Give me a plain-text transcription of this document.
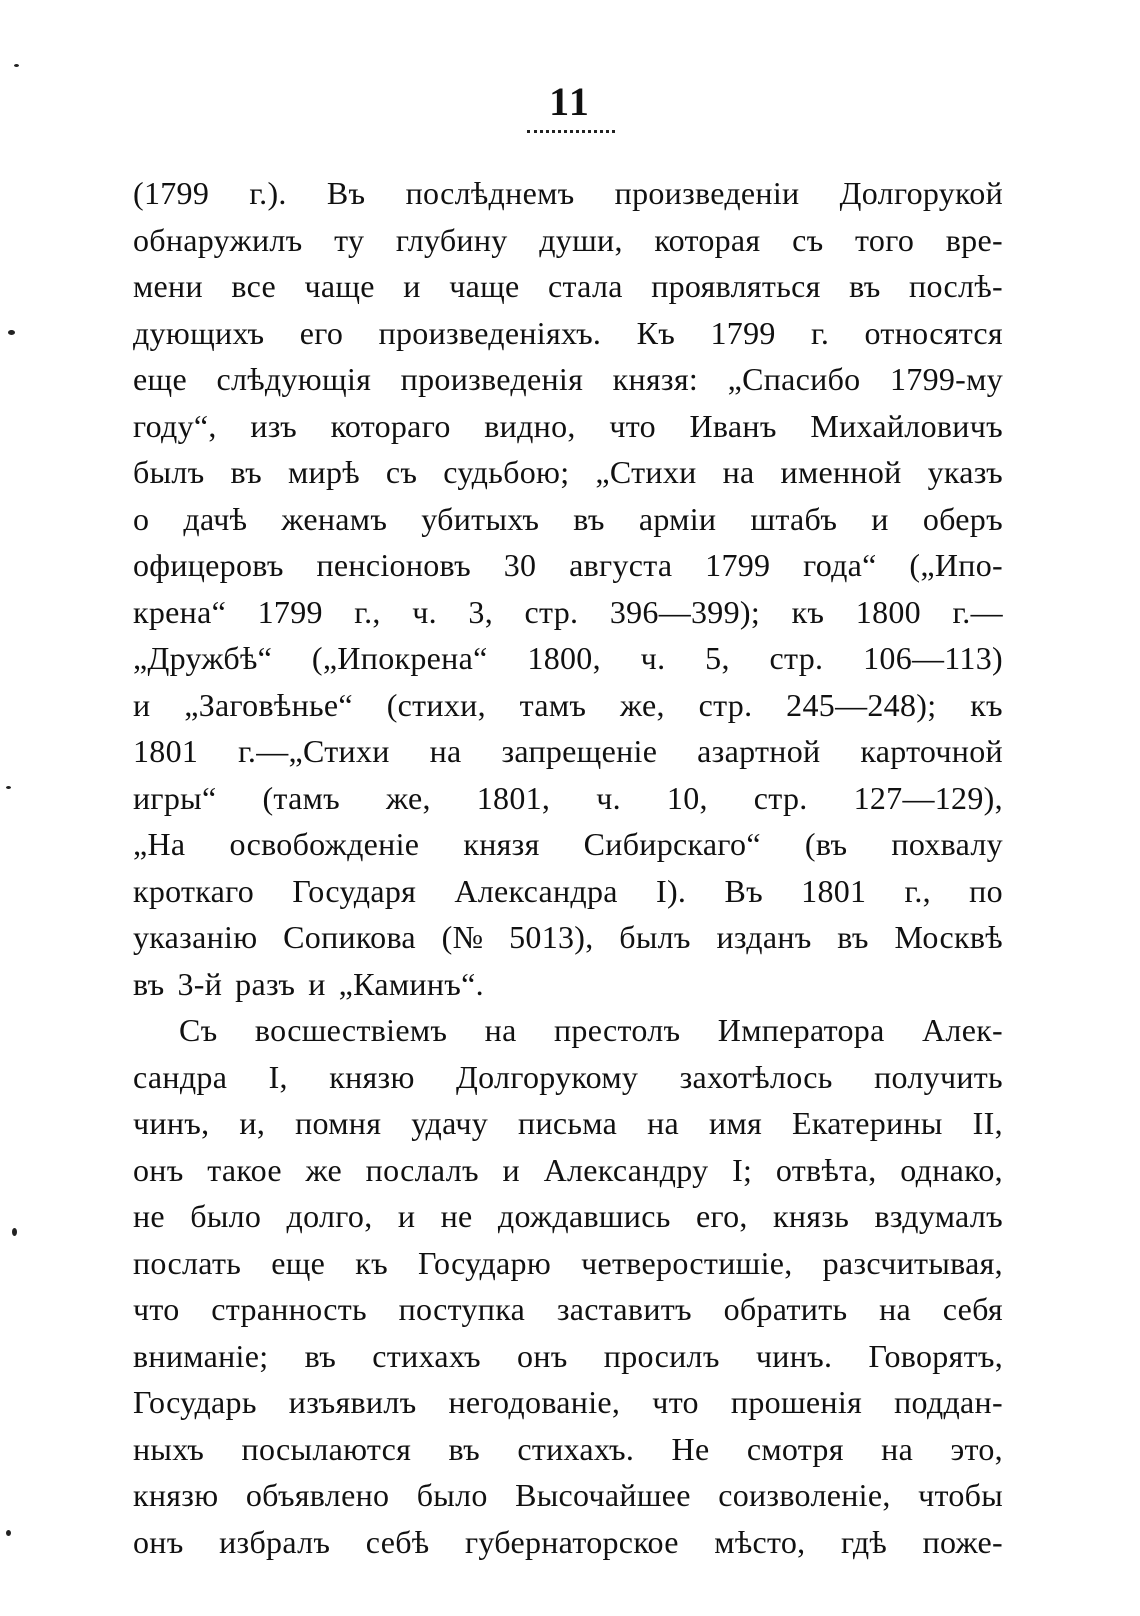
11
(1799 г.). Въ послѣднемъ произведеніи Долгорукой
обнаружилъ ту глубину души, которая съ того вре-
мени все чаще и чаще стала проявляться въ послѣ-
дующихъ его произведеніяхъ. Къ 1799 г. относятся
еще слѣдующія произведенія князя: „Спасибо 1799-му
году“, изъ котораго видно, что Иванъ Михайловичъ
былъ въ мирѣ съ судьбою; „Стихи на именной указъ
о дачѣ женамъ убитыхъ въ арміи штабъ и оберъ
офицеровъ пенсіоновъ 30 августа 1799 года“ („Ипо-
крена“ 1799 г., ч. 3, стр. 396—399); къ 1800 г.—
„Дружбѣ“ („Ипокрена“ 1800, ч. 5, стр. 106—113)
и „Заговѣнье“ (стихи, тамъ же, стр. 245—248); къ
1801 г.—„Стихи на запрещеніе азартной карточной
игры“ (тамъ же, 1801, ч. 10, стр. 127—129),
„На освобожденіе князя Сибирскаго“ (въ похвалу
кроткаго Государя Александра I). Въ 1801 г., по
указанію Сопикова (№ 5013), былъ изданъ въ Москвѣ
въ 3-й разъ и „Каминъ“.
Съ восшествіемъ на престолъ Императора Алек-
сандра I, князю Долгорукому захотѣлось получить
чинъ, и, помня удачу письма на имя Екатерины II,
онъ такое же послалъ и Александру I; отвѣта, однако,
не было долго, и не дождавшись его, князь вздумалъ
послать еще къ Государю четверостишіе, разсчитывая,
что странность поступка заставитъ обратить на себя
вниманіе; въ стихахъ онъ просилъ чинъ. Говорятъ,
Государь изъявилъ негодованіе, что прошенія поддан-
ныхъ посылаются въ стихахъ. Не смотря на это,
князю объявлено было Высочайшее соизволеніе, чтобы
онъ избралъ себѣ губернаторское мѣсто, гдѣ поже-
